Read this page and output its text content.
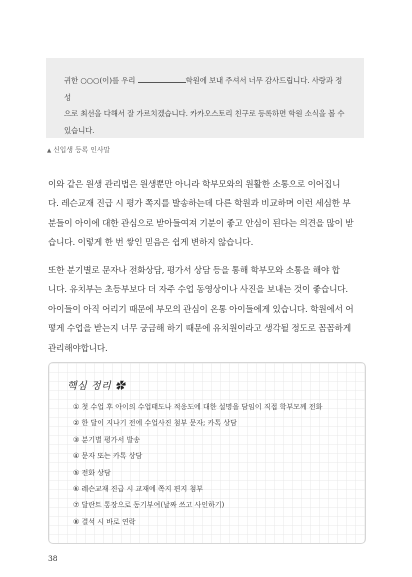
귀한 ○○○(이)를 우리	학원에 보내 주셔서 너무 감사드립니다. 사랑과 정성
으로 최선을 다해서 잘 가르치겠습니다. 카카오스토리 친구로 등록하면 학원 소식을 볼 수
있습니다.
▲ 신입생 등록 인사말
이와 같은 원생 관리법은 원생뿐만 아니라 학부모와의 원활한 소통으로 이어집니
다. 레슨교재 진급 시 평가 쪽지를 발송하는데 다른 학원과 비교하며 이런 세심한 부
분들이 아이에 대한 관심으로 받아들여져 기분이 좋고 안심이 된다는 의견을 많이 받
습니다. 이렇게 한 번 쌓인 믿음은 쉽게 변하지 않습니다.
또한 분기별로 문자나 전화상담, 평가서 상담 등을 통해 학부모와 소통을 해야 합
니다. 유치부는 초등부보다 더 자주 수업 동영상이나 사진을 보내는 것이 좋습니다.
아이들이 아직 어리기 때문에 부모의 관심이 온통 아이들에게 있습니다. 학원에서 어
떻게 수업을 받는지 너무 궁금해 하기 때문에 유치원이라고 생각될 정도로 꼼꼼하게
관리해야합니다.
핵심 정리 ✿
① 첫 수업 후 아이의 수업태도나 적응도에 대한 설명을 담임이 직접 학부모께 전화
② 한 달이 지나기 전에 수업사진 첨부 문자; 카톡 상담
③ 분기별 평가서 발송
④ 문자 또는 카톡 상담
⑤ 전화 상담
⑥ 레슨교재 진급 시 교재에 쪽지 편지 첨부
⑦ 달란트 통장으로 동기부여(날짜 쓰고 사인하기)
⑧ 결석 시 바로 연락
38
